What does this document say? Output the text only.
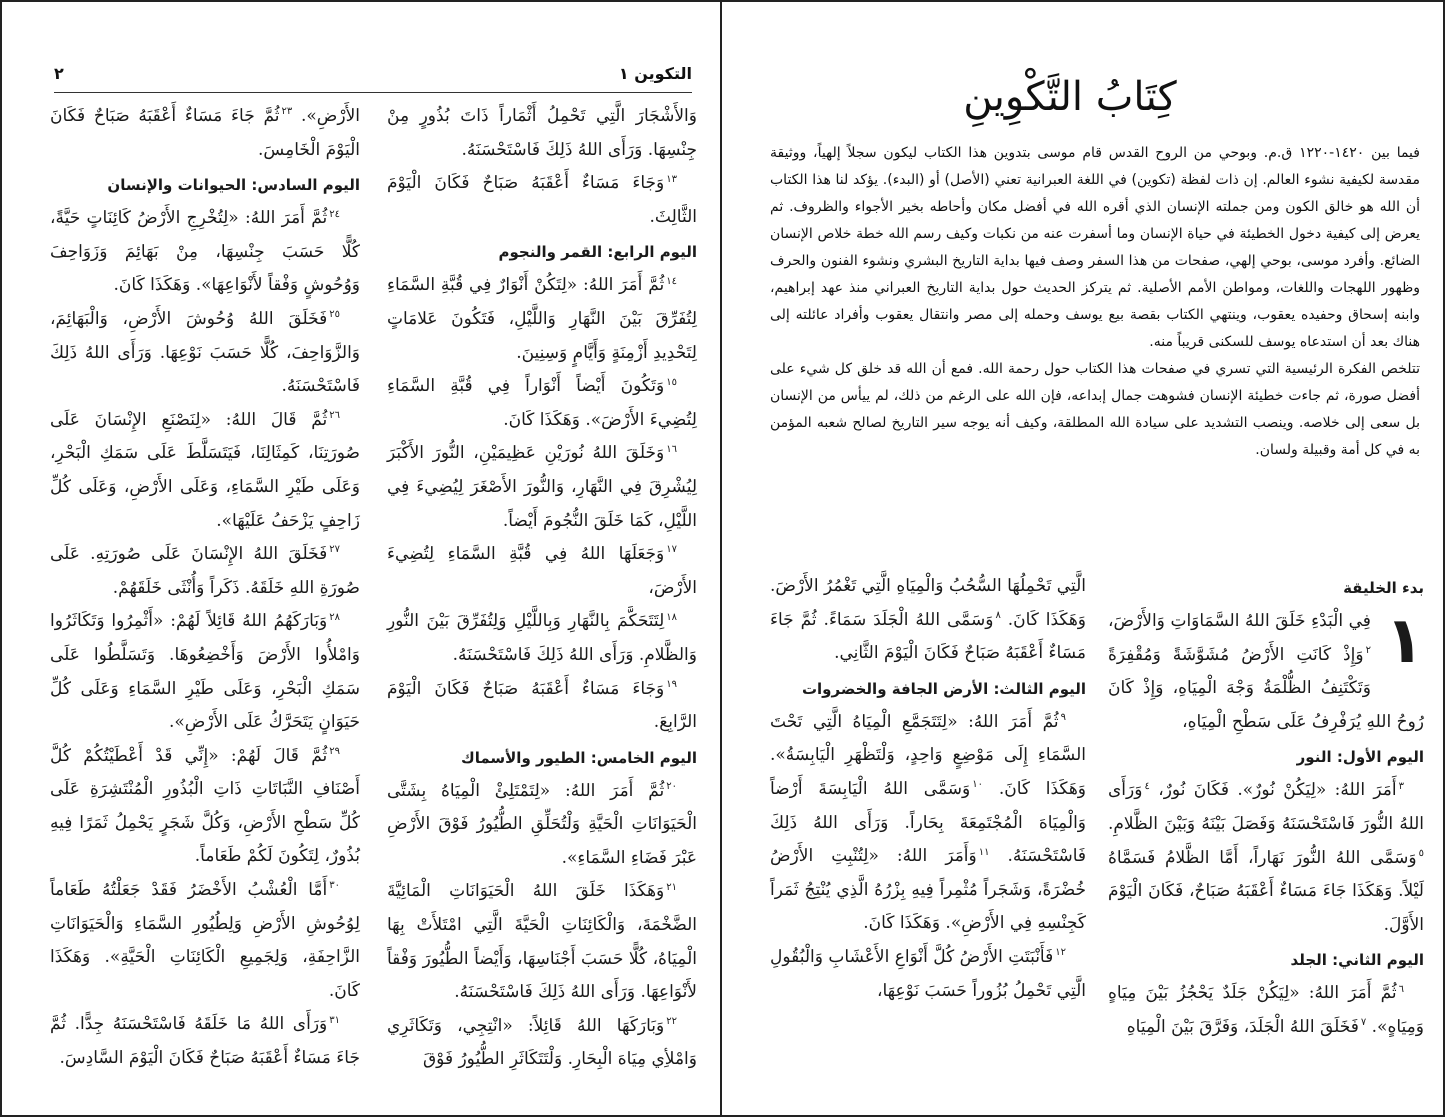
التكوين ١
٢

وَالأَشْجَارَ الَّتِي تَحْمِلُ أَثْمَاراً ذَاتَ بُذُورٍ مِنْ جِنْسِهَا. وَرَأَى اللهُ ذَلِكَ فَاسْتَحْسَنَهُ.

$^{١٣}$وَجَاءَ مَسَاءٌ أَعْقَبَهُ صَبَاحٌ فَكَانَ الْيَوْمَ الثَّالِثَ.

اليوم الرابع: القمر والنجوم

$^{١٤}$ثُمَّ أَمَرَ اللهُ: «لِتَكُنْ أَنْوَارٌ فِي قُبَّةِ السَّمَاءِ لِتُفَرِّقَ بَيْنَ النَّهَارِ وَاللَّيْلِ، فَتَكُونَ عَلامَاتٍ لِتَحْدِيدِ أَزْمِنَةٍ وَأَيَّامٍ وَسِنِينَ.

$^{١٥}$وَتَكُونَ أَيْضاً أَنْوَاراً فِي قُبَّةِ السَّمَاءِ لِتُضِيءَ الأَرْضَ». وَهَكَذَا كَانَ.

$^{١٦}$وَخَلَقَ اللهُ نُورَيْنِ عَظِيمَيْنِ، النُّورَ الأَكْبَرَ لِيُشْرِقَ فِي النَّهَارِ، وَالنُّورَ الأَصْغَرَ لِيُضِيءَ فِي اللَّيْلِ، كَمَا خَلَقَ النُّجُومَ أَيْضاً.

$^{١٧}$وَجَعَلَهَا اللهُ فِي قُبَّةِ السَّمَاءِ لِتُضِيءَ الأَرْضَ،

$^{١٨}$لِتَتَحَكَّمَ بِالنَّهَارِ وَبِاللَّيْلِ وَلِتُفَرِّقَ بَيْنَ النُّورِ وَالظَّلامِ. وَرَأَى اللهُ ذَلِكَ فَاسْتَحْسَنَهُ.

$^{١٩}$وَجَاءَ مَسَاءٌ أَعْقَبَهُ صَبَاحٌ فَكَانَ الْيَوْمَ الرَّابِعَ.

اليوم الخامس: الطيور والأسماك

$^{٢٠}$ثُمَّ أَمَرَ اللهُ: «لِتَمْتَلِئْ الْمِيَاهُ بِشَتَّى الْحَيَوَانَاتِ الْحَيَّةِ وَلْتُحَلِّقِ الطُّيُورُ فَوْقَ الأَرْضِ عَبْرَ فَضَاءِ السَّمَاءِ».

$^{٢١}$وَهَكَذَا خَلَقَ اللهُ الْحَيَوَانَاتِ الْمَائِيَّةَ الضَّخْمَةَ، وَالْكَائِنَاتِ الْحَيَّةَ الَّتِي امْتَلأَتْ بِهَا الْمِيَاهُ، كُلًّا حَسَبَ أَجْنَاسِهَا، وَأَيْضاً الطُّيُورَ وَفْقاً لأَنْوَاعِهَا. وَرَأَى اللهُ ذَلِكَ فَاسْتَحْسَنَهُ.

$^{٢٢}$وَبَارَكَهَا اللهُ قَائِلاً: «انْتِجِي، وَتَكَاثَرِي وَامْلأِي مِيَاهَ الْبِحَارِ. وَلْتَتَكَاثَرِ الطُّيُورُ فَوْقَ

الأَرْضِ». $^{٢٣}$ثُمَّ جَاءَ مَسَاءٌ أَعْقَبَهُ صَبَاحٌ فَكَانَ الْيَوْمَ الْخَامِسَ.

اليوم السادس: الحيوانات والإنسان

$^{٢٤}$ثُمَّ أَمَرَ اللهُ: «لِتُخْرِجِ الأَرْضُ كَائِنَاتٍ حَيَّةً، كُلًّا حَسَبَ جِنْسِهَا، مِنْ بَهَائِمَ وَزَوَاحِفَ وَوُحُوشٍ وَفْقاً لأَنْوَاعِهَا». وَهَكَذَا كَانَ.

$^{٢٥}$فَخَلَقَ اللهُ وُحُوشَ الأَرْضِ، وَالْبَهَائِمَ، وَالزَّوَاحِفَ، كُلًّا حَسَبَ نَوْعِهَا. وَرَأَى اللهُ ذَلِكَ فَاسْتَحْسَنَهُ.

$^{٢٦}$ثُمَّ قَالَ اللهُ: «لِنَصْنَعِ الإِنْسَانَ عَلَى صُورَتِنَا، كَمِثَالِنَا، فَيَتَسَلَّطَ عَلَى سَمَكِ الْبَحْرِ، وَعَلَى طَيْرِ السَّمَاءِ، وَعَلَى الأَرْضِ، وَعَلَى كُلِّ زَاحِفٍ يَزْحَفُ عَلَيْهَا».

$^{٢٧}$فَخَلَقَ اللهُ الإِنْسَانَ عَلَى صُورَتِهِ. عَلَى صُورَةِ اللهِ خَلَقَهُ. ذَكَراً وَأُنْثَى خَلَقَهُمْ.

$^{٢٨}$وَبَارَكَهُمُ اللهُ قَائِلاً لَهُمْ: «أَثْمِرُوا وَتَكَاثَرُوا وَامْلأُوا الأَرْضَ وَأَخْضِعُوهَا. وَتَسَلَّطُوا عَلَى سَمَكِ الْبَحْرِ، وَعَلَى طَيْرِ السَّمَاءِ وَعَلَى كُلِّ حَيَوَانٍ يَتَحَرَّكُ عَلَى الأَرْضِ».

$^{٢٩}$ثُمَّ قَالَ لَهُمْ: «إِنِّي قَدْ أَعْطَيْتُكُمْ كُلَّ أَصْنَافِ النَّبَاتَاتِ ذَاتِ الْبُذُورِ الْمُنْتَشِرَةِ عَلَى كُلِّ سَطْحِ الأَرْضِ، وَكُلَّ شَجَرٍ يَحْمِلُ ثَمَرًا فِيهِ بُذُورٌ، لِتَكُونَ لَكُمْ طَعَاماً.

$^{٣٠}$أَمَّا الْعُشْبُ الأَخْضَرُ فَقَدْ جَعَلْتُهُ طَعَاماً لِوُحُوشِ الأَرْضِ وَلِطُيُورِ السَّمَاءِ وَالْحَيَوَانَاتِ الزَّاحِفَةِ، وَلِجَمِيعِ الْكَائِنَاتِ الْحَيَّةِ». وَهَكَذَا كَانَ.

$^{٣١}$وَرَأَى اللهُ مَا خَلَقَهُ فَاسْتَحْسَنَهُ جِدًّا. ثُمَّ جَاءَ مَسَاءٌ أَعْقَبَهُ صَبَاحٌ فَكَانَ الْيَوْمَ السَّادِسَ.

كِتَابُ التَّكْوِينِ

فيما بين ١٤٢٠-١٢٢٠ ق.م. وبوحي من الروح القدس قام موسى بتدوين هذا الكتاب ليكون سجلاً إلهياً، ووثيقة مقدسة لكيفية نشوء العالم. إن ذات لفظة (تكوين) في اللغة العبرانية تعني (الأصل) أو (البدء). يؤكد لنا هذا الكتاب أن الله هو خالق الكون ومن جملته الإنسان الذي أقره الله في أفضل مكان وأحاطه بخير الأجواء والظروف. ثم يعرض إلى كيفية دخول الخطيئة في حياة الإنسان وما أسفرت عنه من نكبات وكيف رسم الله خطة خلاص الإنسان الضائع. وأفرد موسى، بوحي إلهي، صفحات من هذا السفر وصف فيها بداية التاريخ البشري ونشوء الفنون والحرف وظهور اللهجات واللغات، ومواطن الأمم الأصلية. ثم يتركز الحديث حول بداية التاريخ العبراني منذ عهد إبراهيم، وابنه إسحاق وحفيده يعقوب، وينتهي الكتاب بقصة بيع يوسف وحمله إلى مصر وانتقال يعقوب وأفراد عائلته إلى هناك بعد أن استدعاه يوسف للسكنى قريباً منه.

تتلخص الفكرة الرئيسية التي تسري في صفحات هذا الكتاب حول رحمة الله. فمع أن الله قد خلق كل شيء على أفضل صورة، ثم جاءت خطيئة الإنسان فشوهت جمال إبداعه، فإن الله على الرغم من ذلك، لم ييأس من الإنسان بل سعى إلى خلاصه. وينصب التشديد على سيادة الله المطلقة، وكيف أنه يوجه سير التاريخ لصالح شعبه المؤمن به في كل أمة وقبيلة ولسان.

بدء الخليقة

١

فِي الْبَدْءِ خَلَقَ اللهُ السَّمَاوَاتِ وَالأَرْضَ، $^٢$وَإِذْ كَانَتِ الأَرْضُ مُشَوَّشَةً وَمُقْفِرَةً وَتَكْتَنِفُ الظُّلْمَةُ وَجْهَ الْمِيَاهِ، وَإِذْ كَانَ رُوحُ اللهِ يُرَفْرِفُ عَلَى سَطْحِ الْمِيَاهِ،

اليوم الأول: النور

$^٣$أَمَرَ اللهُ: «لِيَكُنْ نُورٌ». فَكَانَ نُورٌ، $^٤$وَرَأَى اللهُ النُّورَ فَاسْتَحْسَنَهُ وَفَصَلَ بَيْنَهُ وَبَيْنَ الظَّلامِ. $^٥$وَسَمَّى اللهُ النُّورَ نَهَاراً، أَمَّا الظَّلامُ فَسَمَّاهُ لَيْلاً. وَهَكَذَا جَاءَ مَسَاءٌ أَعْقَبَهُ صَبَاحٌ، فَكَانَ الْيَوْمَ الأَوَّلَ.

اليوم الثاني: الجلد

$^٦$ثُمَّ أَمَرَ اللهُ: «لِيَكُنْ جَلَدٌ يَحْجُزُ بَيْنَ مِيَاهٍ وَمِيَاهٍ». $^٧$فَخَلَقَ اللهُ الْجَلَدَ، وَفَرَّقَ بَيْنَ الْمِيَاهِ

الَّتِي تَحْمِلُهَا السُّحُبُ وَالْمِيَاهِ الَّتِي تَغْمُرُ الأَرْضَ. وَهَكَذَا كَانَ. $^٨$وَسَمَّى اللهُ الْجَلَدَ سَمَاءً. ثُمَّ جَاءَ مَسَاءٌ أَعْقَبَهُ صَبَاحٌ فَكَانَ الْيَوْمَ الثَّانِي.

اليوم الثالث: الأرض الجافة والخضروات

$^٩$ثُمَّ أَمَرَ اللهُ: «لِتَتَجَمَّعِ الْمِيَاهُ الَّتِي تَحْتَ السَّمَاءِ إِلَى مَوْضِعٍ وَاحِدٍ، وَلْتَظْهَرِ الْيَابِسَةُ». وَهَكَذَا كَانَ. $^{١٠}$وَسَمَّى اللهُ الْيَابِسَةَ أَرْضاً وَالْمِيَاهَ الْمُجْتَمِعَةَ بِحَاراً. وَرَأَى اللهُ ذَلِكَ فَاسْتَحْسَنَهُ. $^{١١}$وَأَمَرَ اللهُ: «لِتُنْبِتِ الأَرْضُ خُضْرَةً، وَشَجَراً مُثْمِراً فِيهِ بِزْرُهُ الَّذِي يُنْتِجُ ثَمَراً كَجِنْسِهِ فِي الأَرْضِ». وَهَكَذَا كَانَ.

$^{١٢}$فَأَنْبَتَتِ الأَرْضُ كُلَّ أَنْوَاعِ الأَعْشَابِ وَالْبُقُولِ الَّتِي تَحْمِلُ بُزُوراً حَسَبَ نَوْعِهَا،
